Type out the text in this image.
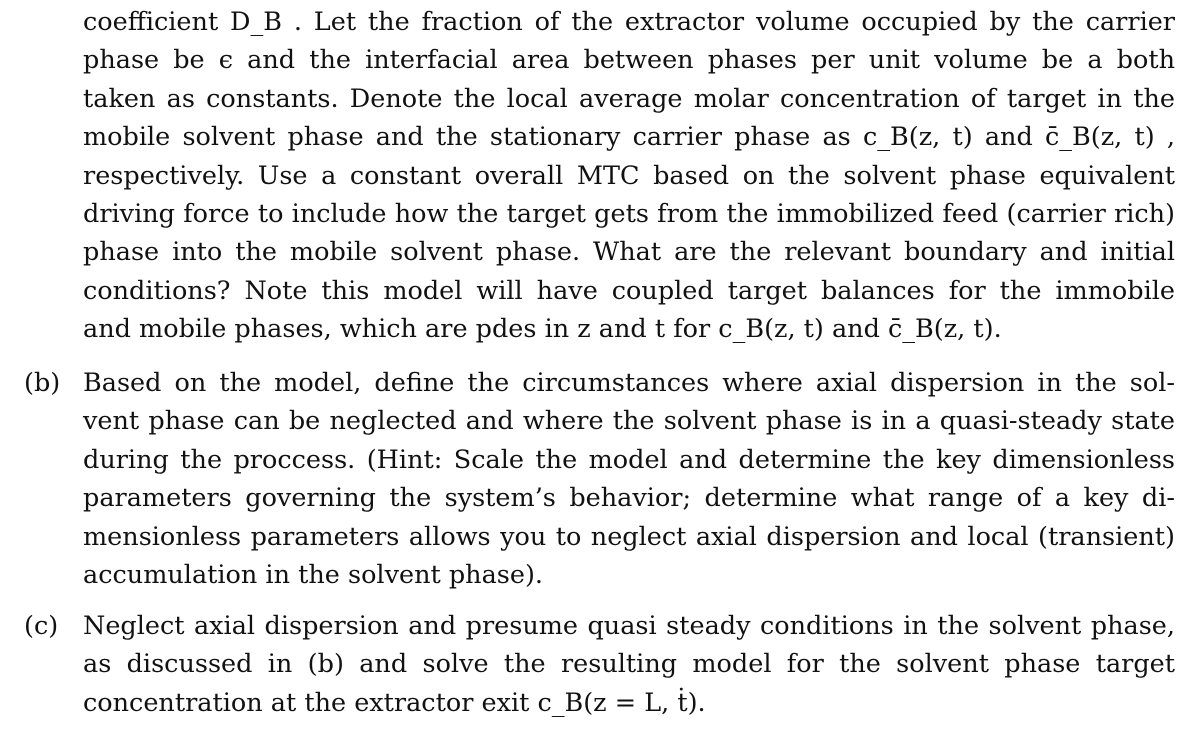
coefficient D_B . Let the fraction of the extractor volume occupied by the carrier
phase be ϵ and the interfacial area between phases per unit volume be a both
taken as constants. Denote the local average molar concentration of target in the
mobile solvent phase and the stationary carrier phase as c_B(z, t) and c̄_B(z, t) ,
respectively. Use a constant overall MTC based on the solvent phase equivalent
driving force to include how the target gets from the immobilized feed (carrier rich)
phase into the mobile solvent phase. What are the relevant boundary and initial
conditions? Note this model will have coupled target balances for the immobile
and mobile phases, which are pdes in z and t for c_B(z, t) and c̄_B(z, t).
(b) Based on the model, define the circumstances where axial dispersion in the sol-
vent phase can be neglected and where the solvent phase is in a quasi-steady state
during the proccess. (Hint: Scale the model and determine the key dimensionless
parameters governing the system’s behavior; determine what range of a key di-
mensionless parameters allows you to neglect axial dispersion and local (transient)
accumulation in the solvent phase).
(c) Neglect axial dispersion and presume quasi steady conditions in the solvent phase,
as discussed in (b) and solve the resulting model for the solvent phase target
concentration at the extractor exit c_B(z = L, ṫ).
